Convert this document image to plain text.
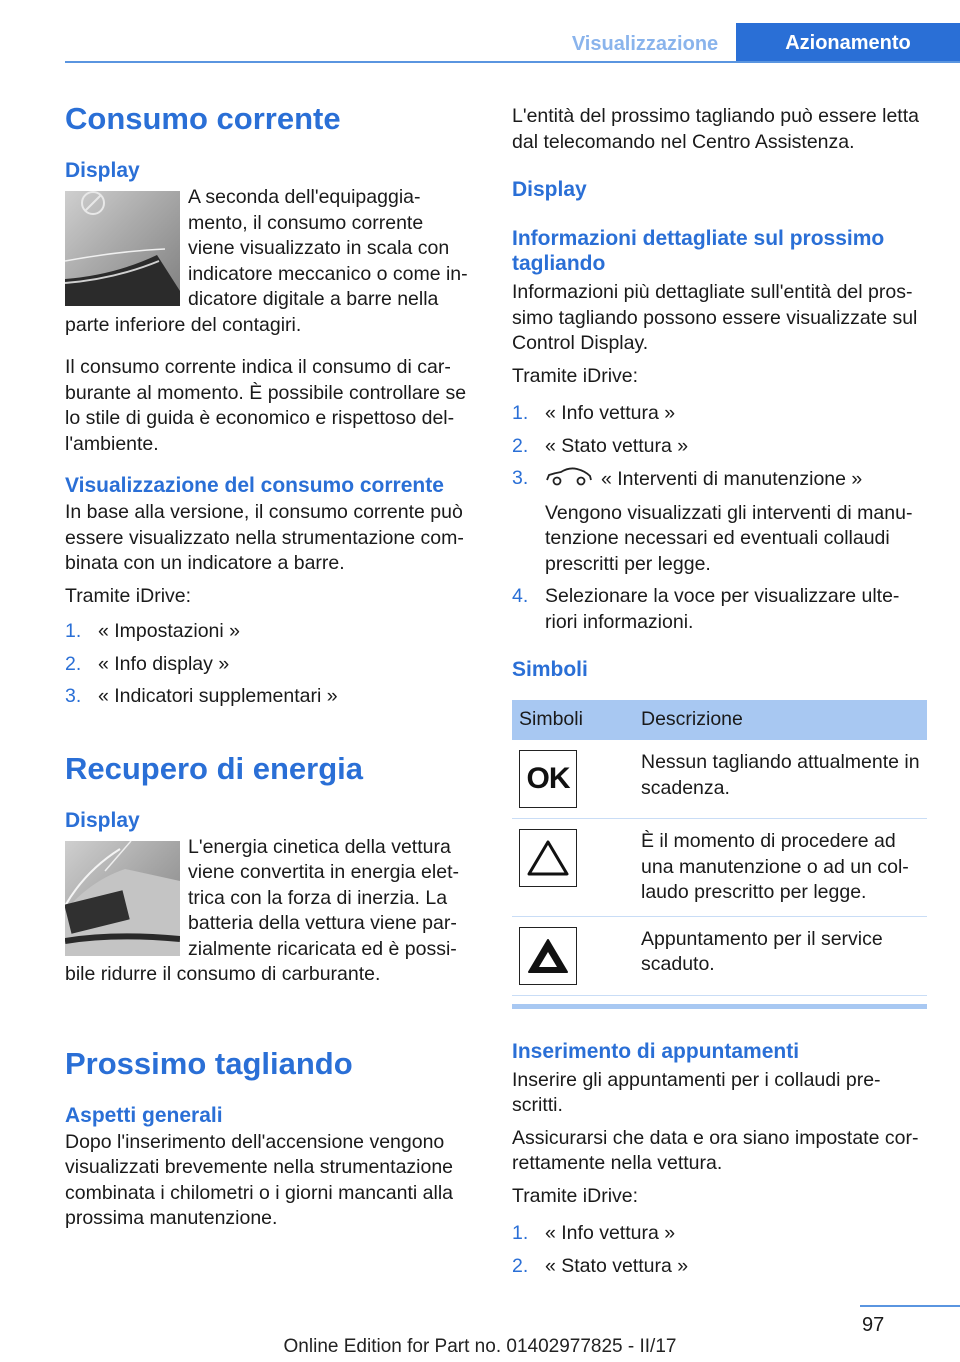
Visualizzazione	Azionamento
Consumo corrente
Display

A seconda dell'equipaggia-mento, il consumo corrente viene visualizzato in scala con indicatore meccanico o come in-dicatore digitale a barre nella parte inferiore del contagiri.

Il consumo corrente indica il consumo di car-burante al momento. È possibile controllare se lo stile di guida è economico e rispettoso del-l'ambiente.

Visualizzazione del consumo corrente

In base alla versione, il consumo corrente può essere visualizzato nella strumentazione com-binata con un indicatore a barre.

Tramite iDrive:

1. « Impostazioni »
2. « Info display »
3. « Indicatori supplementari »
Recupero di energia
Display

L'energia cinetica della vettura viene convertita in energia elet-trica con la forza di inerzia. La batteria della vettura viene par-zialmente ricaricata ed è possi-bile ridurre il consumo di carburante.

Prossimo tagliando
Aspetti generali

Dopo l'inserimento dell'accensione vengono visualizzati brevemente nella strumentazione combinata i chilometri o i giorni mancanti alla prossima manutenzione.

L'entità del prossimo tagliando può essere letta dal telecomando nel Centro Assistenza.

Display
Informazioni dettagliate sul prossimo tagliando

Informazioni più dettagliate sull'entità del pros-simo tagliando possono essere visualizzate sul Control Display.

Tramite iDrive:

1. « Info vettura »
2. « Stato vettura »
3.	« Interventi di manutenzione »
Vengono visualizzati gli interventi di manu-tenzione necessari ed eventuali collaudi prescritti per legge.
4. Selezionare la voce per visualizzare ulte-riori informazioni.
Simboli
Simboli	Descrizione

OK	Nessun tagliando attualmente in scadenza.

	È il momento di procedere ad una manutenzione o ad un col-laudo prescritto per legge.

	Appuntamento per il service scaduto.
Inserimento di appuntamenti

Inserire gli appuntamenti per i collaudi pre-scritti.

Assicurarsi che data e ora siano impostate cor-rettamente nella vettura.

Tramite iDrive:

1. « Info vettura »
2. « Stato vettura »
97
Online Edition for Part no. 01402977825 - II/17
